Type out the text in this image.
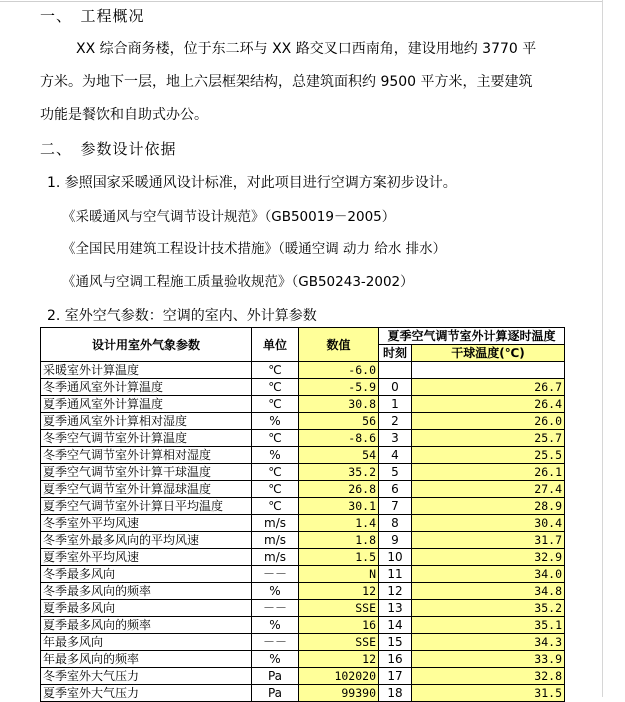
一、　工程概况
XX 综合商务楼，位于东二环与 XX 路交叉口西南角，建设用地约 3770 平
方米。为地下一层，地上六层框架结构，总建筑面积约 9500 平方米，主要建筑
功能是餐饮和自助式办公。
二、　参数设计依据
1. 参照国家采暖通风设计标准，对此项目进行空调方案初步设计。
《采暖通风与空气调节设计规范》（GB50019－2005）
《全国民用建筑工程设计技术措施》（暖通空调 动力 给水 排水）
《通风与空调工程施工质量验收规范》（GB50243-2002）
2. 室外空气参数：空调的室内、外计算参数
设计用室外气象参数	单位	数值	夏季空气调节室外计算逐时温度	
			时刻	干球温度(℃)
采暖室外计算温度	℃	-6.0		
冬季通风室外计算温度	℃	-5.9	0	26.7
夏季通风室外计算温度	℃	30.8	1	26.4
夏季通风室外计算相对湿度	%	56	2	26.0
冬季空气调节室外计算温度	℃	-8.6	3	25.7
冬季空气调节室外计算相对湿度	%	54	4	25.5
夏季空气调节室外计算干球温度	℃	35.2	5	26.1
夏季空气调节室外计算湿球温度	℃	26.8	6	27.4
夏季空气调节室外计算日平均温度	℃	30.1	7	28.9
冬季室外平均风速	m/s	1.4	8	30.4
冬季室外最多风向的平均风速	m/s	1.8	9	31.7
夏季室外平均风速	m/s	1.5	10	32.9
冬季最多风向	－－	N	11	34.0
冬季最多风向的频率	%	12	12	34.8
夏季最多风向	－－	SSE	13	35.2
夏季最多风向的频率	%	16	14	35.1
年最多风向	－－	SSE	15	34.3
年最多风向的频率	%	12	16	33.9
冬季室外大气压力	Pa	102020	17	32.8
夏季室外大气压力	Pa	99390	18	31.5
